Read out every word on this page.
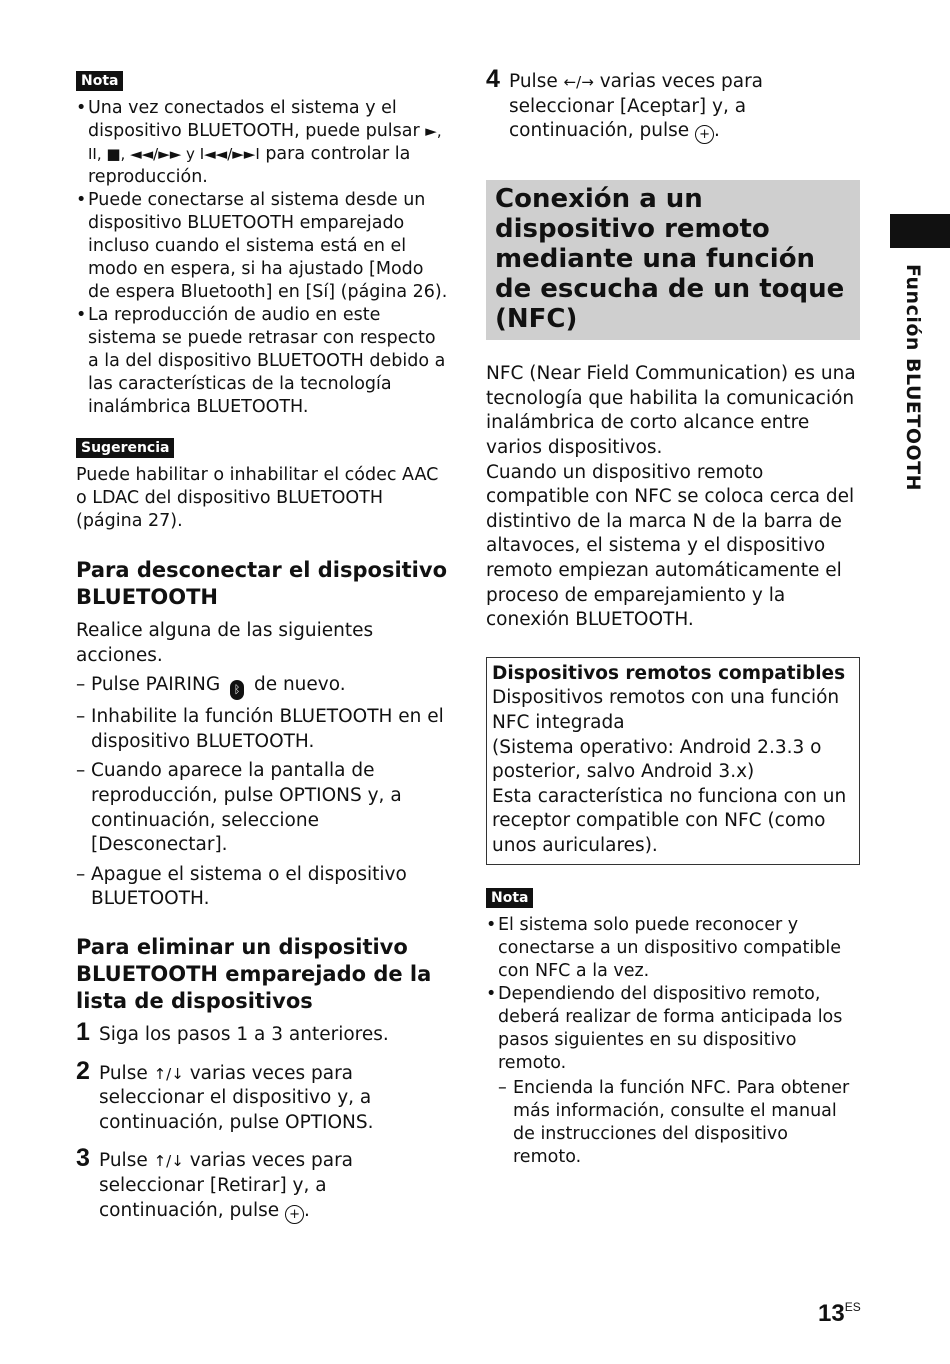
Función BLUETOOTH
Nota
• Una vez conectados el sistema y el dispositivo BLUETOOTH, puede pulsar ►, II, ■, ◄◄/►► y I◄◄/►►I para controlar la reproducción.
• Puede conectarse al sistema desde un dispositivo BLUETOOTH emparejado incluso cuando el sistema está en el modo en espera, si ha ajustado [Modo de espera Bluetooth] en [Sí] (página 26).
• La reproducción de audio en este sistema se puede retrasar con respecto a la del dispositivo BLUETOOTH debido a las características de la tecnología inalámbrica BLUETOOTH.
Sugerencia
Puede habilitar o inhabilitar el códec AAC o LDAC del dispositivo BLUETOOTH (página 27).
Para desconectar el dispositivo BLUETOOTH
Realice alguna de las siguientes acciones.
– Pulse PAIRING ᛒ de nuevo.
– Inhabilite la función BLUETOOTH en el dispositivo BLUETOOTH.
– Cuando aparece la pantalla de reproducción, pulse OPTIONS y, a continuación, seleccione [Desconectar].
– Apague el sistema o el dispositivo BLUETOOTH.
Para eliminar un dispositivo BLUETOOTH emparejado de la lista de dispositivos
1 Siga los pasos 1 a 3 anteriores.
2 Pulse ↑/↓ varias veces para seleccionar el dispositivo y, a continuación, pulse OPTIONS.
3 Pulse ↑/↓ varias veces para seleccionar [Retirar] y, a continuación, pulse + .
4 Pulse ←/→ varias veces para seleccionar [Aceptar] y, a continuación, pulse + .
Conexión a un dispositivo remoto mediante una función de escucha de un toque (NFC)
NFC (Near Field Communication) es una tecnología que habilita la comunicación inalámbrica de corto alcance entre varios dispositivos.
Cuando un dispositivo remoto compatible con NFC se coloca cerca del distintivo de la marca N de la barra de altavoces, el sistema y el dispositivo remoto empiezan automáticamente el proceso de emparejamiento y la conexión BLUETOOTH.
Dispositivos remotos compatibles
Dispositivos remotos con una función NFC integrada
(Sistema operativo: Android 2.3.3 o posterior, salvo Android 3.x)
Esta característica no funciona con un receptor compatible con NFC (como unos auriculares).
Nota
• El sistema solo puede reconocer y conectarse a un dispositivo compatible con NFC a la vez.
• Dependiendo del dispositivo remoto, deberá realizar de forma anticipada los pasos siguientes en su dispositivo remoto.
– Encienda la función NFC. Para obtener más información, consulte el manual de instrucciones del dispositivo remoto.
$13^{ES}$
